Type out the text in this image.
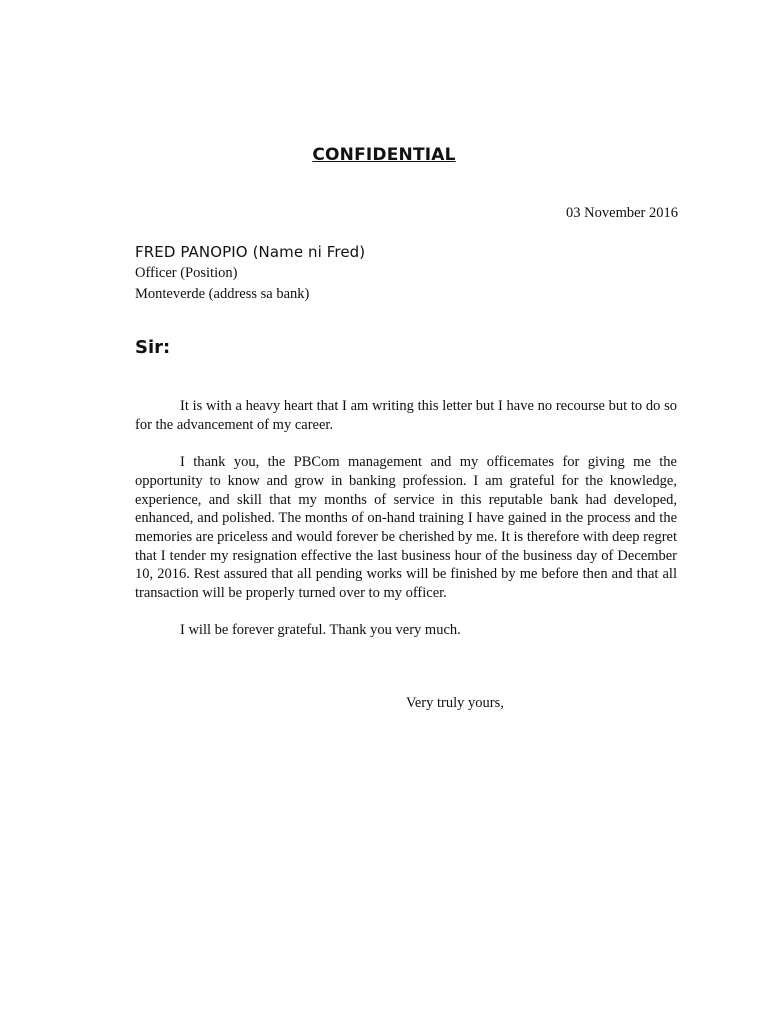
CONFIDENTIAL
03 November 2016
FRED PANOPIO (Name ni Fred)
Officer (Position)
Monteverde (address sa bank)
Sir:

It is with a heavy heart that I am writing this letter but I have no recourse but to do so for the advancement of my career.

I thank you, the PBCom management and my officemates for giving me the opportunity to know and grow in banking profession. I am grateful for the knowledge, experience, and skill that my months of service in this reputable bank had developed, enhanced, and polished. The months of on-hand training I have gained in the process and the memories are priceless and would forever be cherished by me. It is therefore with deep regret that I tender my resignation effective the last business hour of the business day of December 10, 2016. Rest assured that all pending works will be finished by me before then and that all transaction will be properly turned over to my officer.

I will be forever grateful. Thank you very much.

Very truly yours,
